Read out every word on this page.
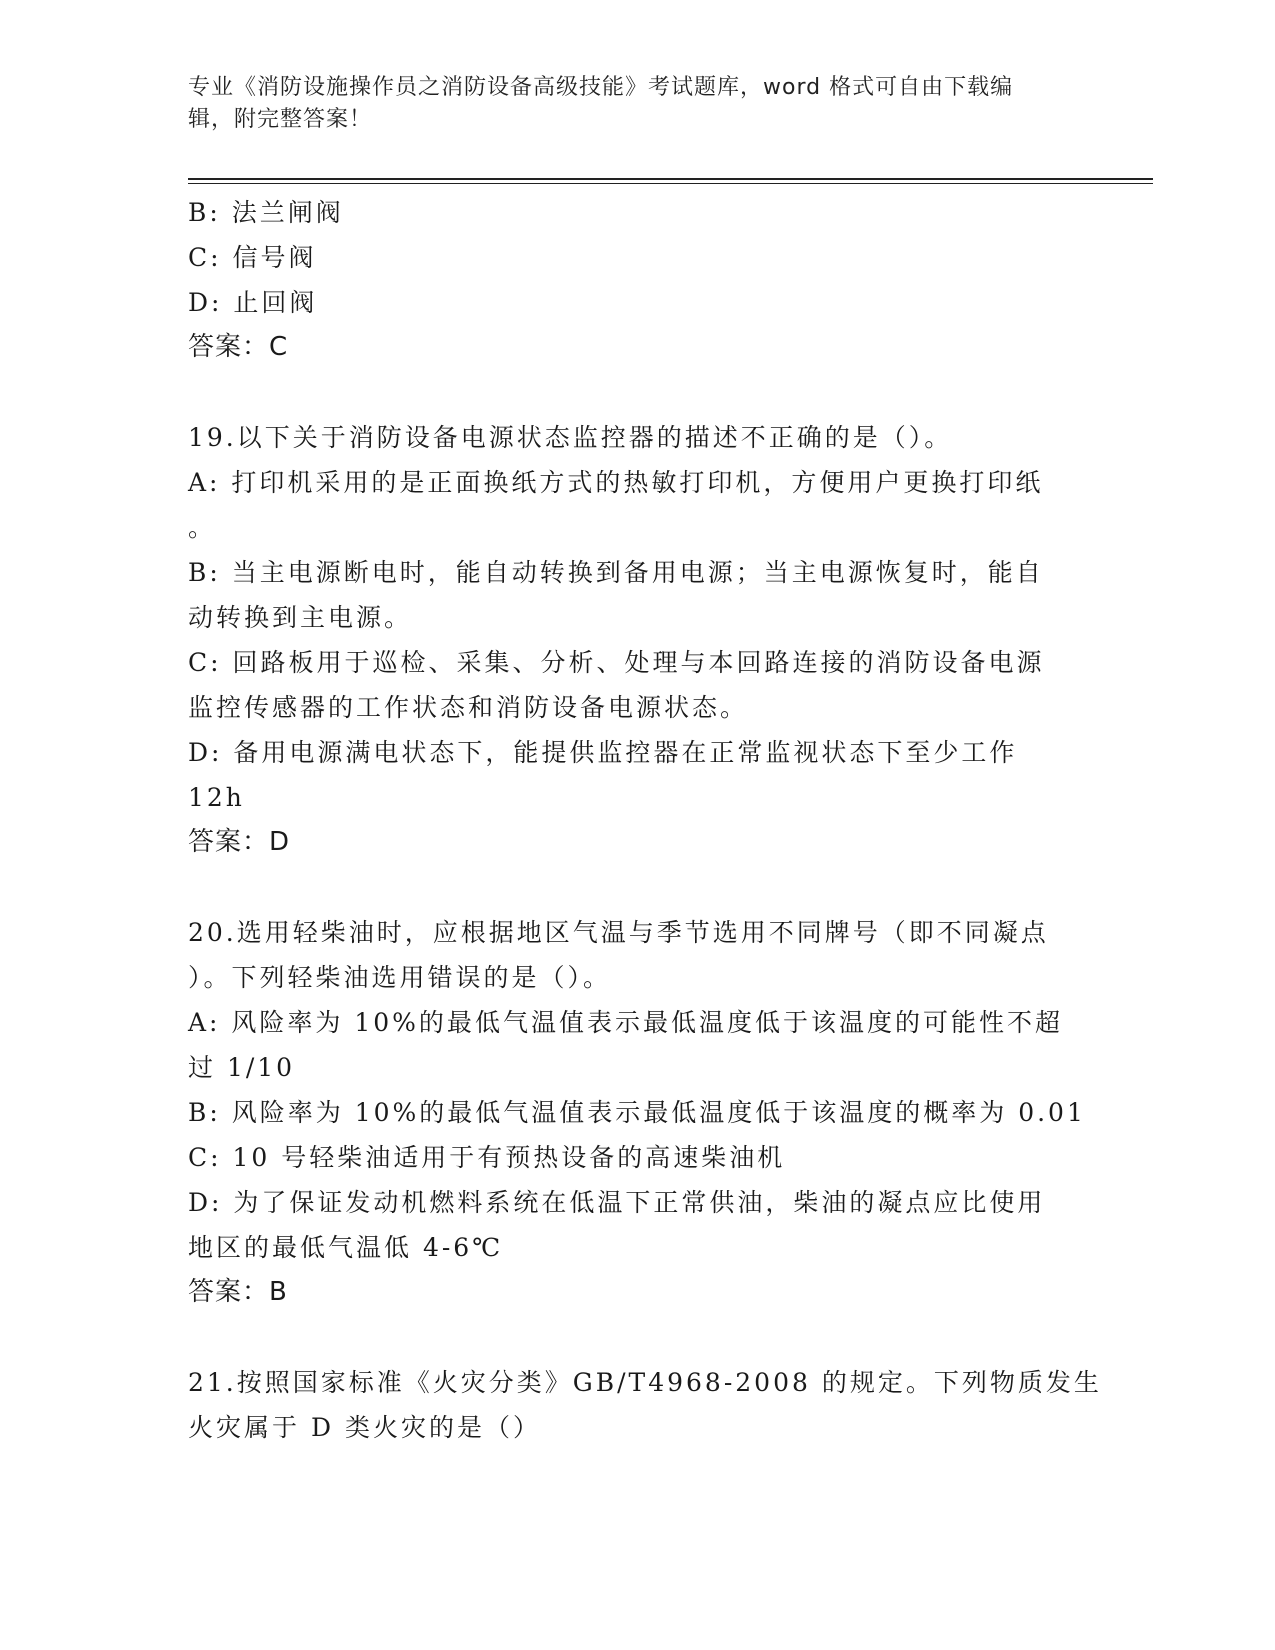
专业《消防设施操作员之消防设备高级技能》考试题库，word 格式可自由下载编
辑，附完整答案！
B: 法兰闸阀
C: 信号阀
D: 止回阀
答案：C
19.以下关于消防设备电源状态监控器的描述不正确的是（）。
A: 打印机采用的是正面换纸方式的热敏打印机，方便用户更换打印纸
。
B: 当主电源断电时，能自动转换到备用电源；当主电源恢复时，能自
动转换到主电源。
C: 回路板用于巡检、采集、分析、处理与本回路连接的消防设备电源
监控传感器的工作状态和消防设备电源状态。
D: 备用电源满电状态下，能提供监控器在正常监视状态下至少工作
12h
答案：D
20.选用轻柴油时，应根据地区气温与季节选用不同牌号（即不同凝点
）。下列轻柴油选用错误的是（）。
A: 风险率为 10%的最低气温值表示最低温度低于该温度的可能性不超
过 1/10
B: 风险率为 10%的最低气温值表示最低温度低于该温度的概率为 0.01
C: 10 号轻柴油适用于有预热设备的高速柴油机
D: 为了保证发动机燃料系统在低温下正常供油，柴油的凝点应比使用
地区的最低气温低 4-6℃
答案：B
21.按照国家标准《火灾分类》GB/T4968-2008 的规定。下列物质发生
火灾属于 D 类火灾的是（）
